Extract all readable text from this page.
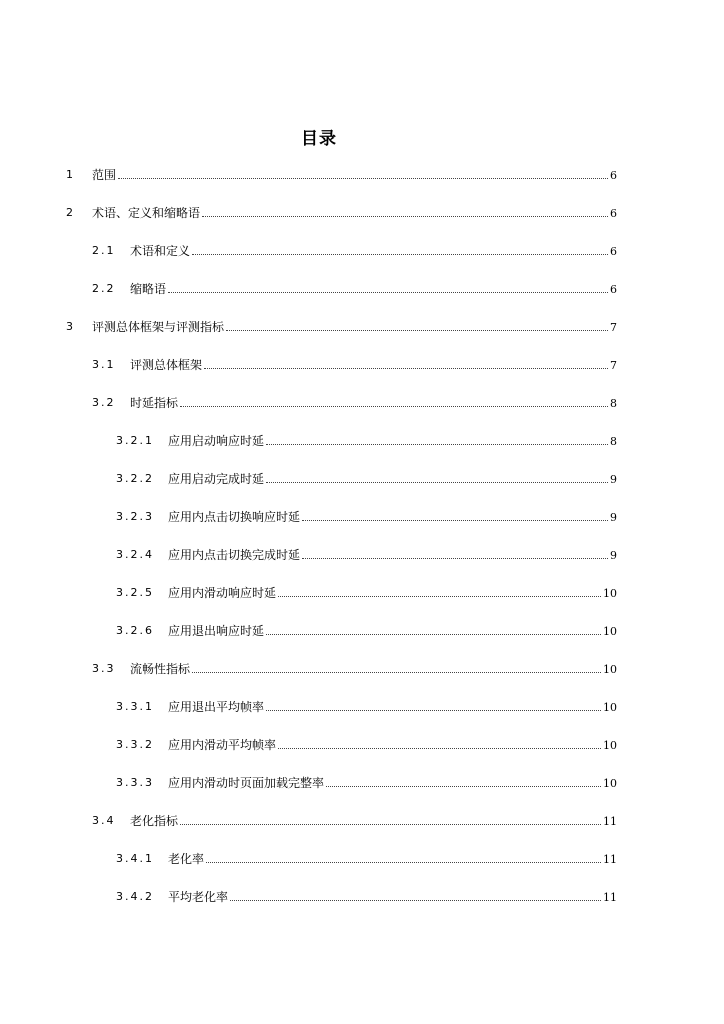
目录
1 范围	6
2 术语、定义和缩略语	6
2.1 术语和定义	6
2.2 缩略语	6
3 评测总体框架与评测指标	7
3.1 评测总体框架	7
3.2 时延指标	8
3.2.1 应用启动响应时延	8
3.2.2 应用启动完成时延	9
3.2.3 应用内点击切换响应时延	9
3.2.4 应用内点击切换完成时延	9
3.2.5 应用内滑动响应时延	10
3.2.6 应用退出响应时延	10
3.3 流畅性指标	10
3.3.1 应用退出平均帧率	10
3.3.2 应用内滑动平均帧率	10
3.3.3 应用内滑动时页面加载完整率	10
3.4 老化指标	11
3.4.1 老化率	11
3.4.2 平均老化率	11
